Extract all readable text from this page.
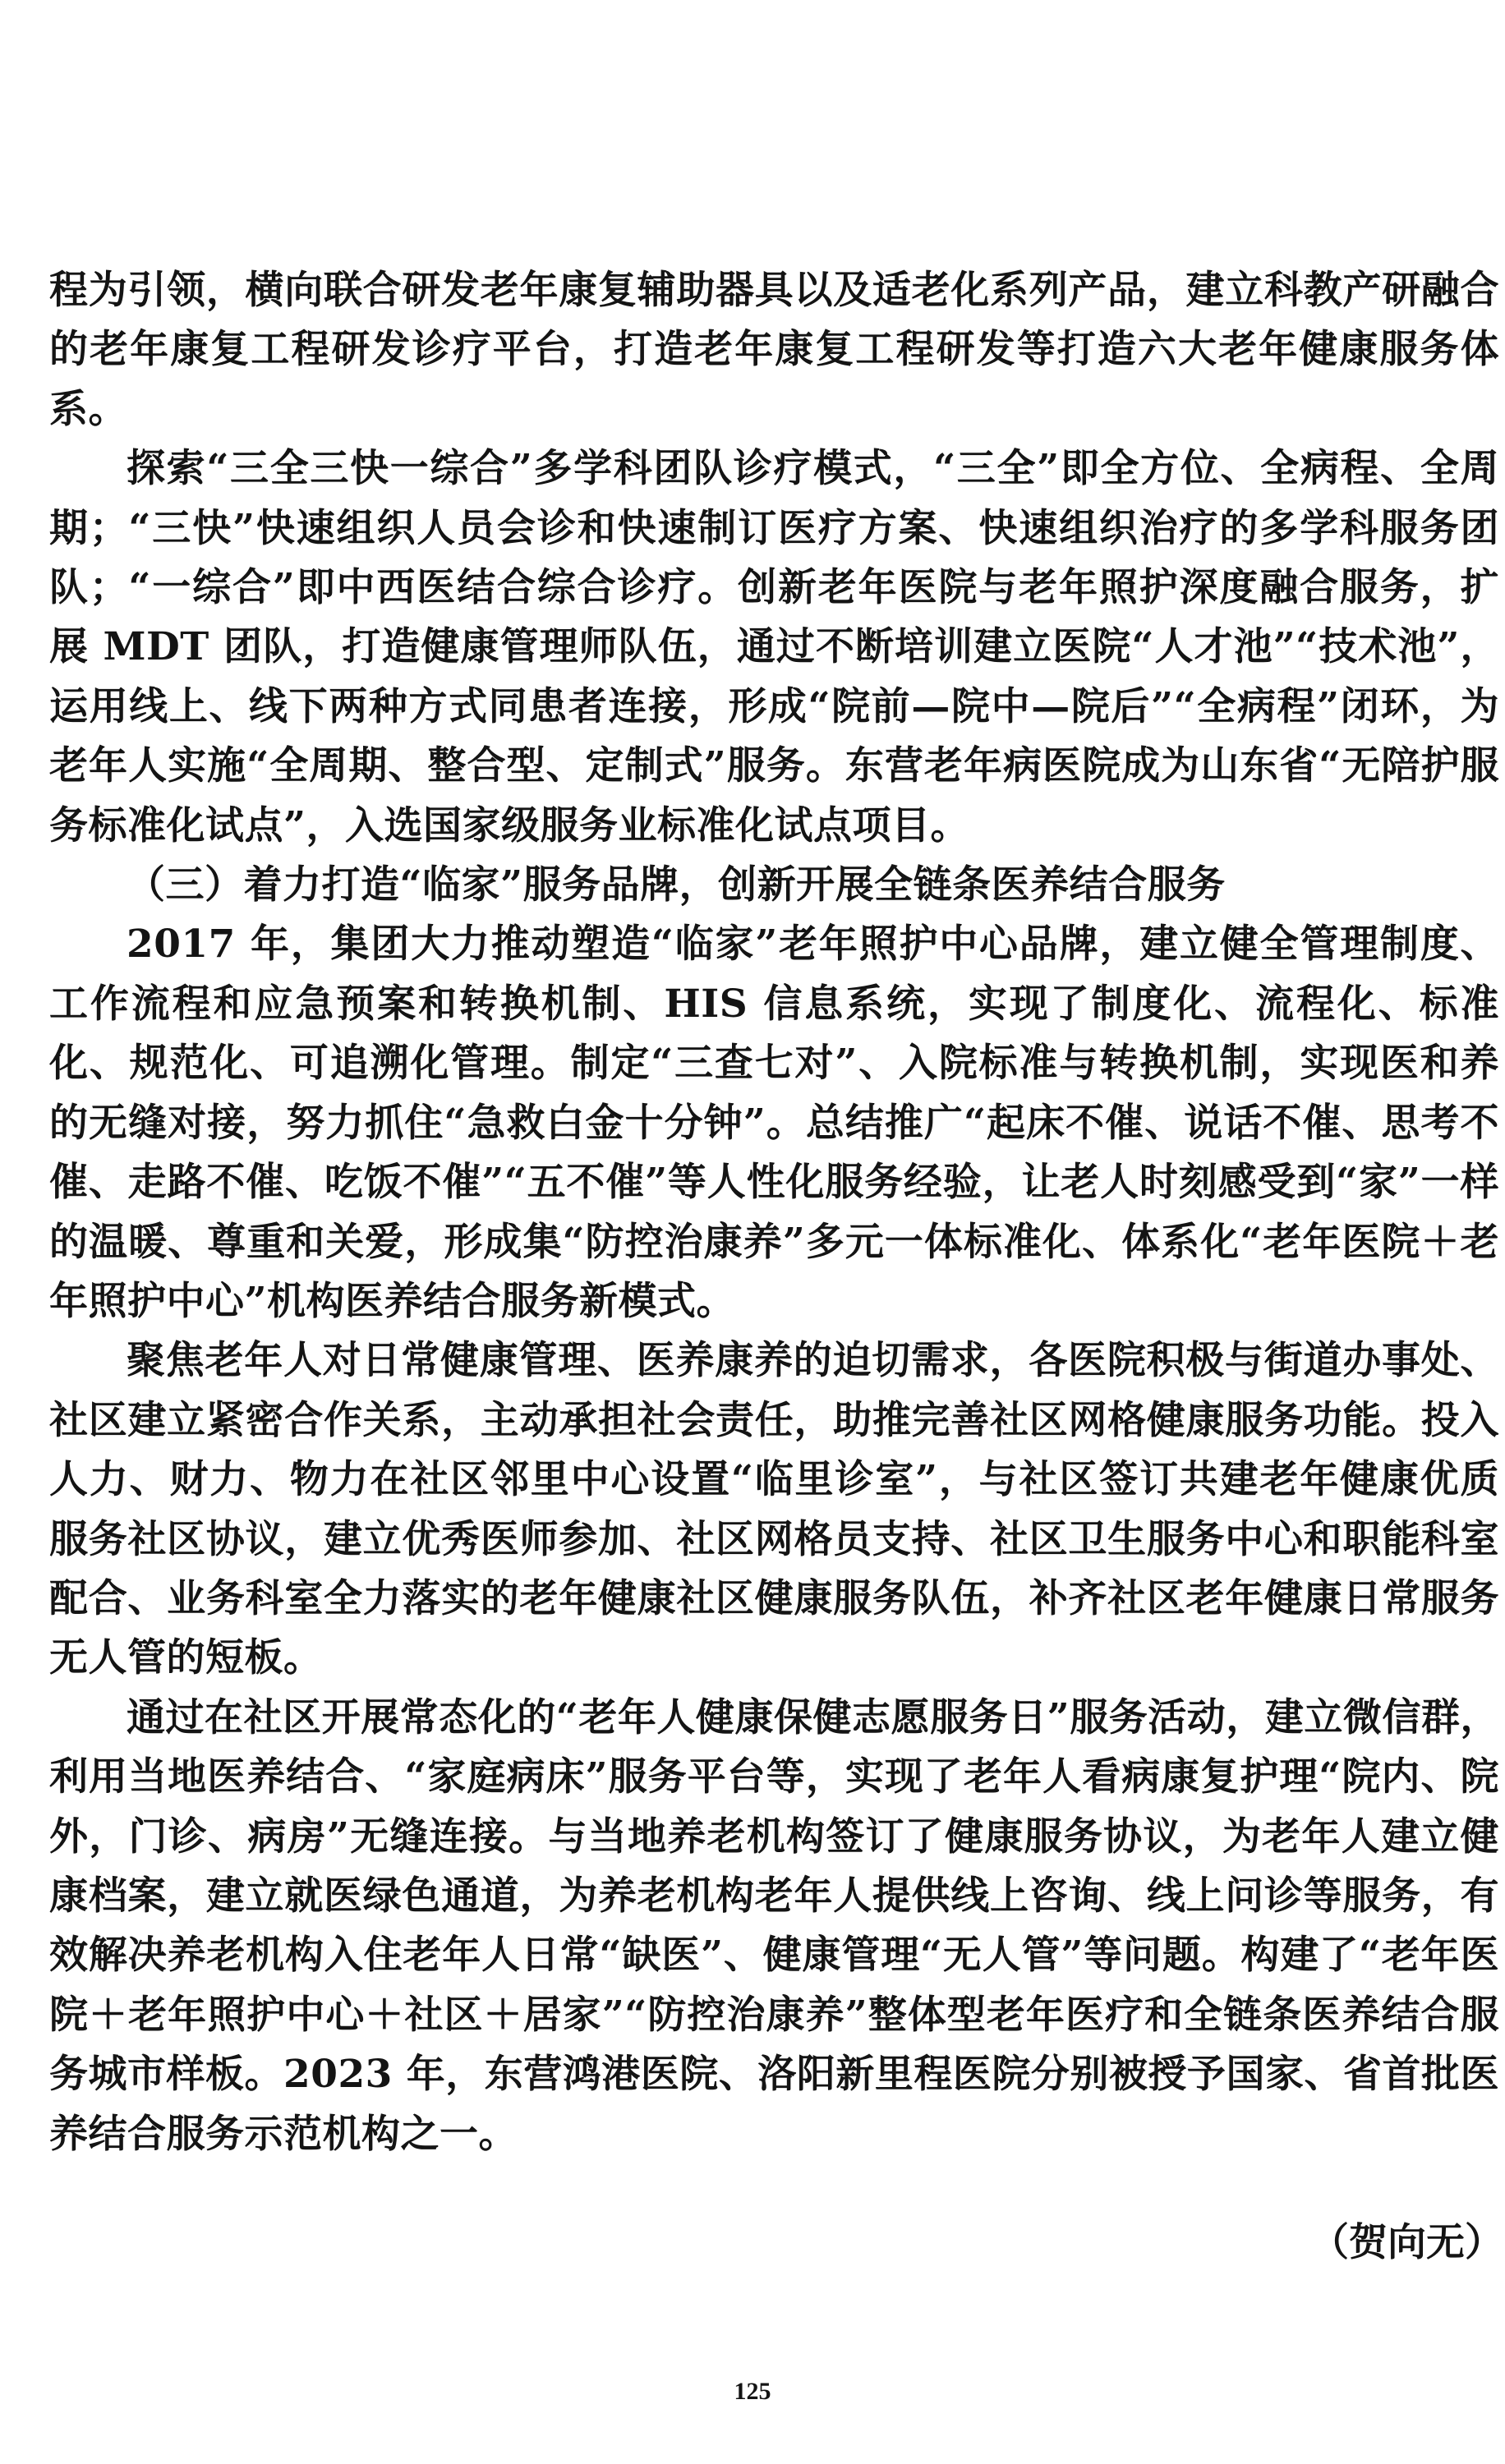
程为引领，横向联合研发老年康复辅助器具以及适老化系列产品，建立科教产研融合的老年康复工程研发诊疗平台，打造老年康复工程研发等打造六大老年健康服务体系。

探索“三全三快一综合”多学科团队诊疗模式，“三全”即全方位、全病程、全周期；“三快”快速组织人员会诊和快速制订医疗方案、快速组织治疗的多学科服务团队；“一综合”即中西医结合综合诊疗。创新老年医院与老年照护深度融合服务，扩展 MDT 团队，打造健康管理师队伍，通过不断培训建立医院“人才池”“技术池”，运用线上、线下两种方式同患者连接，形成“院前—院中—院后”“全病程”闭环，为老年人实施“全周期、整合型、定制式”服务。东营老年病医院成为山东省“无陪护服务标准化试点”，入选国家级服务业标准化试点项目。

（三）着力打造“临家”服务品牌，创新开展全链条医养结合服务

2017 年，集团大力推动塑造“临家”老年照护中心品牌，建立健全管理制度、工作流程和应急预案和转换机制、HIS 信息系统，实现了制度化、流程化、标准化、规范化、可追溯化管理。制定“三查七对”、入院标准与转换机制，实现医和养的无缝对接，努力抓住“急救白金十分钟”。总结推广“起床不催、说话不催、思考不催、走路不催、吃饭不催”“五不催”等人性化服务经验，让老人时刻感受到“家”一样的温暖、尊重和关爱，形成集“防控治康养”多元一体标准化、体系化“老年医院＋老年照护中心”机构医养结合服务新模式。

聚焦老年人对日常健康管理、医养康养的迫切需求，各医院积极与街道办事处、社区建立紧密合作关系，主动承担社会责任，助推完善社区网格健康服务功能。投入人力、财力、物力在社区邻里中心设置“临里诊室”，与社区签订共建老年健康优质服务社区协议，建立优秀医师参加、社区网格员支持、社区卫生服务中心和职能科室配合、业务科室全力落实的老年健康社区健康服务队伍，补齐社区老年健康日常服务无人管的短板。

通过在社区开展常态化的“老年人健康保健志愿服务日”服务活动，建立微信群，利用当地医养结合、“家庭病床”服务平台等，实现了老年人看病康复护理“院内、院外，门诊、病房”无缝连接。与当地养老机构签订了健康服务协议，为老年人建立健康档案，建立就医绿色通道，为养老机构老年人提供线上咨询、线上问诊等服务，有效解决养老机构入住老年人日常“缺医”、健康管理“无人管”等问题。构建了“老年医院＋老年照护中心＋社区＋居家”“防控治康养”整体型老年医疗和全链条医养结合服务城市样板。2023 年，东营鸿港医院、洛阳新里程医院分别被授予国家、省首批医养结合服务示范机构之一。

（贺向无）
125
